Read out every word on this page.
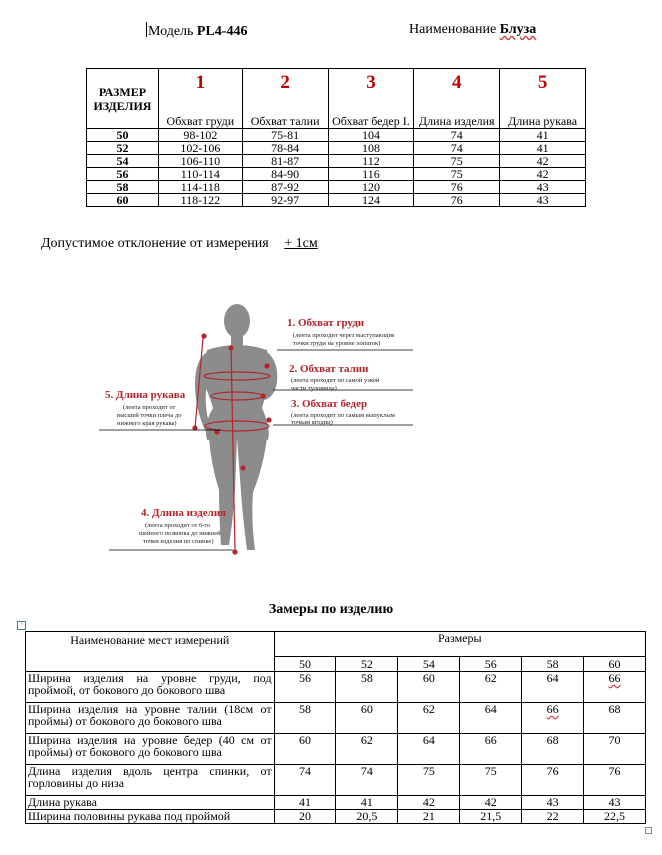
Модель PL4-446	Наименование Блуза
РАЗМЕР ИЗДЕЛИЯ	1	2	3	4	5
	Обхват груди	Обхват талии	Обхват бедер I.	Длина изделия	Длина рукава
50	98-102	75-81	104	74	41
52	102-106	78-84	108	74	41
54	106-110	81-87	112	75	42
56	110-114	84-90	116	75	42
58	114-118	87-92	120	76	43
60	118-122	92-97	124	76	43
Допустимое отклонение от измерения + 1см
1. Обхват груди
(лента проходит через выступающие
точки груди на уровне лопаток)
2. Обхват талии
(лента проходит по самой узкой
части туловища)
3. Обхват бедер
(лента проходит по самым выпуклым
точкам ягодиц)
5. Длина рукава
(лента проходит от
высшей точки плеча до
нижнего края рукава)
4. Длина изделия
(лента проходит от 6-го
шейного позвонка до нижней
точки изделия по спинке)
Замеры по изделию
+
Наименование мест измерений	Размеры					
	50	52	54	56	58	60
Ширина изделия на уровне груди, под проймой, от бокового до бокового шва	56	58	60	62	64	66
Ширина изделия на уровне талии (18см от проймы) от бокового до бокового шва	58	60	62	64	66	68
Ширина изделия на уровне бедер (40 см от проймы) от бокового до бокового шва	60	62	64	66	68	70
Длина изделия вдоль центра спинки, от горловины до низа	74	74	75	75	76	76
Длина рукава	41	41	42	42	43	43
Ширина половины рукава под проймой	20	20,5	21	21,5	22	22,5
